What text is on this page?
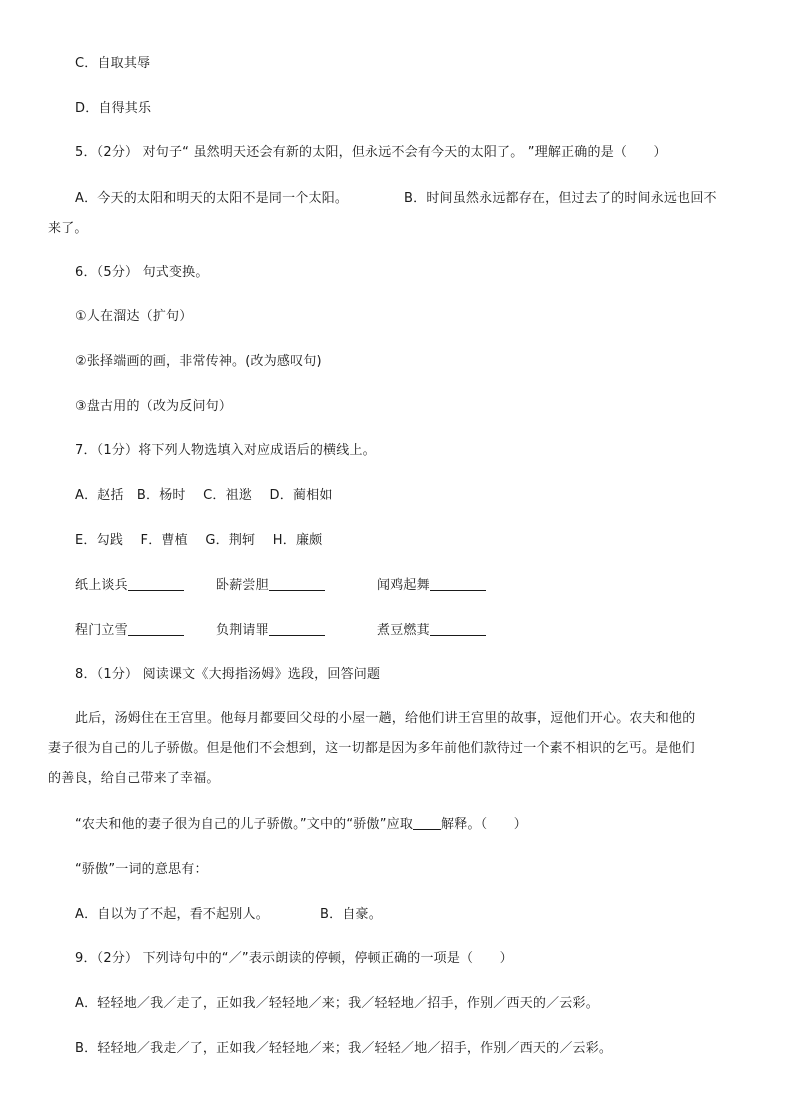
C．自取其辱
D．自得其乐
5．（2分） 对句子“ 虽然明天还会有新的太阳，但永远不会有今天的太阳了。 ”理解正确的是（　　）
A．今天的太阳和明天的太阳不是同一个太阳。	B．时间虽然永远都存在，但过去了的时间永远也回不
来了。
6．（5分） 句式变换。
①人在溜达（扩句）
②张择端画的画，非常传神。(改为感叹句)
③盘古用的（改为反问句）
7．（1分）将下列人物选填入对应成语后的横线上。
A．赵括　B．杨时　 C．祖逖　 D．蔺相如
E．勾践　 F．曹植　 G．荆轲　 H．廉颇
纸上谈兵	卧薪尝胆	闻鸡起舞
程门立雪	负荆请罪	煮豆燃萁
8．（1分） 阅读课文《大拇指汤姆》选段，回答问题
此后，汤姆住在王宫里。他每月都要回父母的小屋一趟，给他们讲王宫里的故事，逗他们开心。农夫和他的
妻子很为自己的儿子骄傲。但是他们不会想到，这一切都是因为多年前他们款待过一个素不相识的乞丐。是他们
的善良，给自己带来了幸福。
“农夫和他的妻子很为自己的儿子骄傲。”文中的“骄傲”应取 解释。（　　）
“骄傲”一词的意思有：
A．自以为了不起，看不起别人。	B．自豪。
9．（2分） 下列诗句中的“／”表示朗读的停顿，停顿正确的一项是（　　）
A．轻轻地／我／走了，正如我／轻轻地／来；我／轻轻地／招手，作别／西天的／云彩。
B．轻轻地／我走／了，正如我／轻轻地／来；我／轻轻／地／招手，作别／西天的／云彩。
